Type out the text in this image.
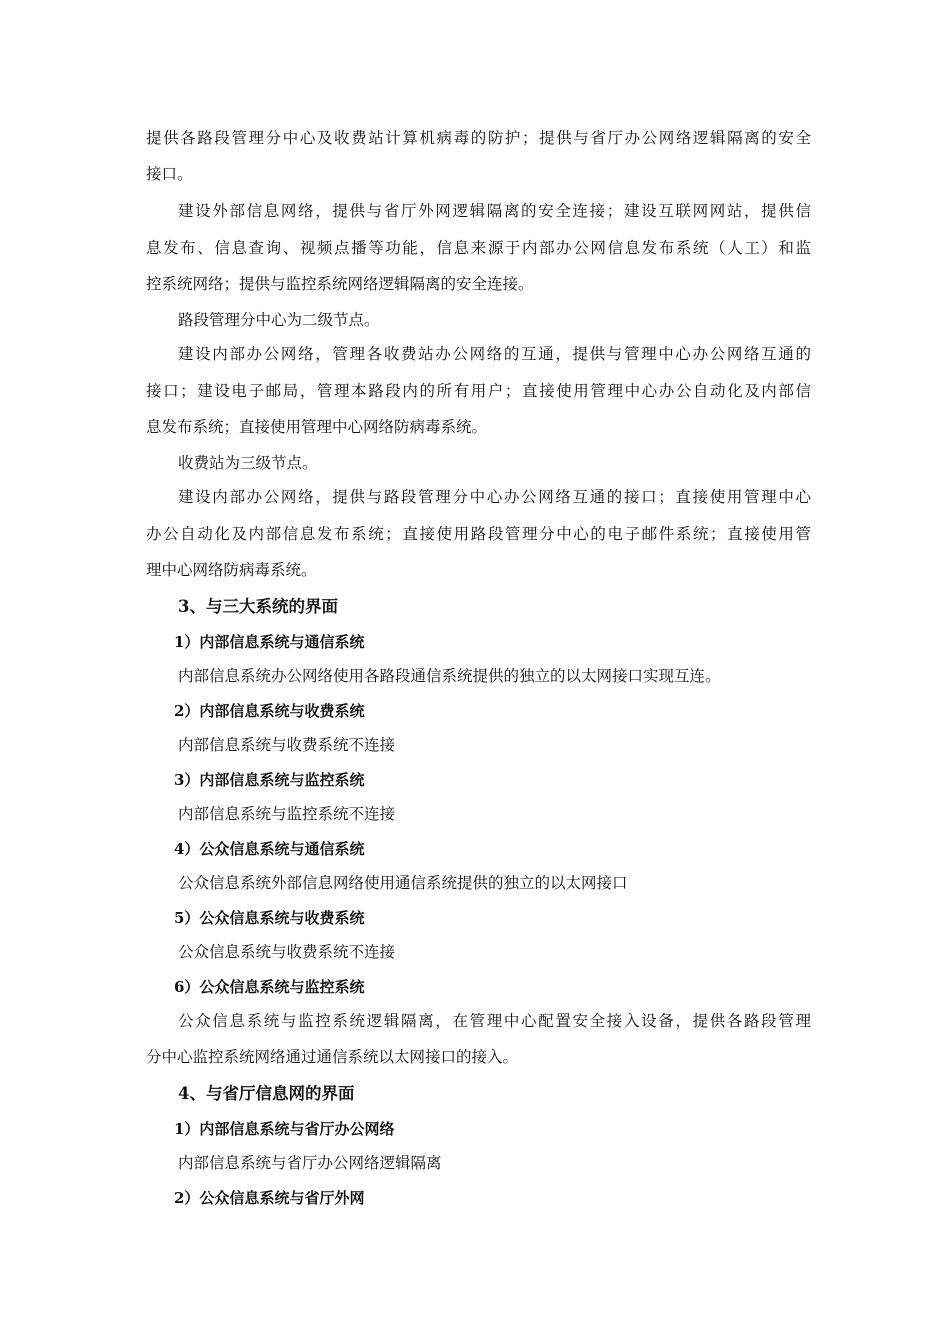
提供各路段管理分中心及收费站计算机病毒的防护；提供与省厅办公网络逻辑隔离的安全
接口。
建设外部信息网络，提供与省厅外网逻辑隔离的安全连接；建设互联网网站，提供信
息发布、信息查询、视频点播等功能，信息来源于内部办公网信息发布系统（人工）和监
控系统网络；提供与监控系统网络逻辑隔离的安全连接。
路段管理分中心为二级节点。
建设内部办公网络，管理各收费站办公网络的互通，提供与管理中心办公网络互通的
接口；建设电子邮局，管理本路段内的所有用户；直接使用管理中心办公自动化及内部信
息发布系统；直接使用管理中心网络防病毒系统。
收费站为三级节点。
建设内部办公网络，提供与路段管理分中心办公网络互通的接口；直接使用管理中心
办公自动化及内部信息发布系统；直接使用路段管理分中心的电子邮件系统；直接使用管
理中心网络防病毒系统。
3、与三大系统的界面
1）内部信息系统与通信系统
内部信息系统办公网络使用各路段通信系统提供的独立的以太网接口实现互连。
2）内部信息系统与收费系统
内部信息系统与收费系统不连接
3）内部信息系统与监控系统
内部信息系统与监控系统不连接
4）公众信息系统与通信系统
公众信息系统外部信息网络使用通信系统提供的独立的以太网接口
5）公众信息系统与收费系统
公众信息系统与收费系统不连接
6）公众信息系统与监控系统
公众信息系统与监控系统逻辑隔离，在管理中心配置安全接入设备，提供各路段管理
分中心监控系统网络通过通信系统以太网接口的接入。
4、与省厅信息网的界面
1）内部信息系统与省厅办公网络
内部信息系统与省厅办公网络逻辑隔离
2）公众信息系统与省厅外网
